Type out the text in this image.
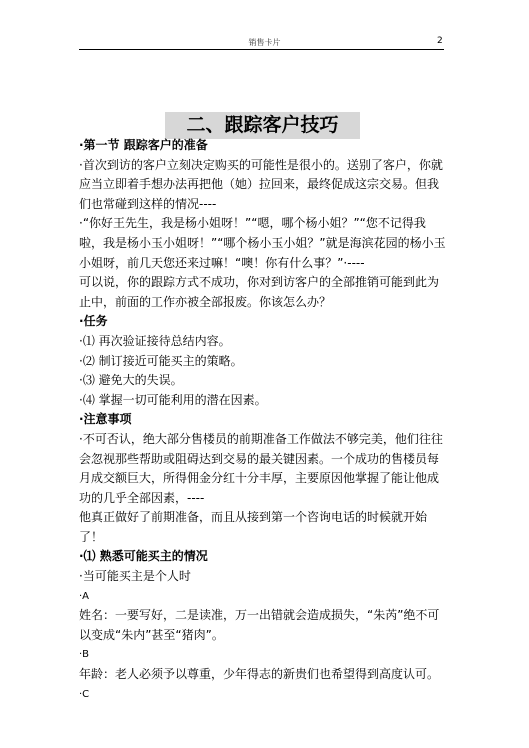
销售卡片	2
二、跟踪客户技巧

·第一节 跟踪客户的准备

·首次到访的客户立刻决定购买的可能性是很小的。送别了客户，你就应当立即着手想办法再把他（她）拉回来，最终促成这宗交易。但我们也常碰到这样的情况----

·“你好王先生，我是杨小姐呀！”“嗯，哪个杨小姐？”“您不记得我啦，我是杨小玉小姐呀！”“哪个杨小玉小姐？”就是海滨花园的杨小玉小姐呀，前几天您还来过嘛！“噢！你有什么事？”·----

可以说，你的跟踪方式不成功，你对到访客户的全部推销可能到此为止中，前面的工作亦被全部报废。你该怎么办？

·任务

·⑴ 再次验证接待总结内容。

·⑵ 制订接近可能买主的策略。

·⑶ 避免大的失误。

·⑷ 掌握一切可能利用的潜在因素。

·注意事项

·不可否认，绝大部分售楼员的前期准备工作做法不够完美，他们往往会忽视那些帮助或阻碍达到交易的最关键因素。一个成功的售楼员每月成交额巨大，所得佣金分红十分丰厚，主要原因他掌握了能让他成功的几乎全部因素，----

他真正做好了前期准备，而且从接到第一个咨询电话的时候就开始了！

·⑴ 熟悉可能买主的情况

·当可能买主是个人时

·A

姓名：一要写好，二是读准，万一出错就会造成损失，“朱芮”绝不可以变成“朱内”甚至“猪肉”。

·B

年龄：老人必须予以尊重，少年得志的新贵们也希望得到高度认可。

·C
